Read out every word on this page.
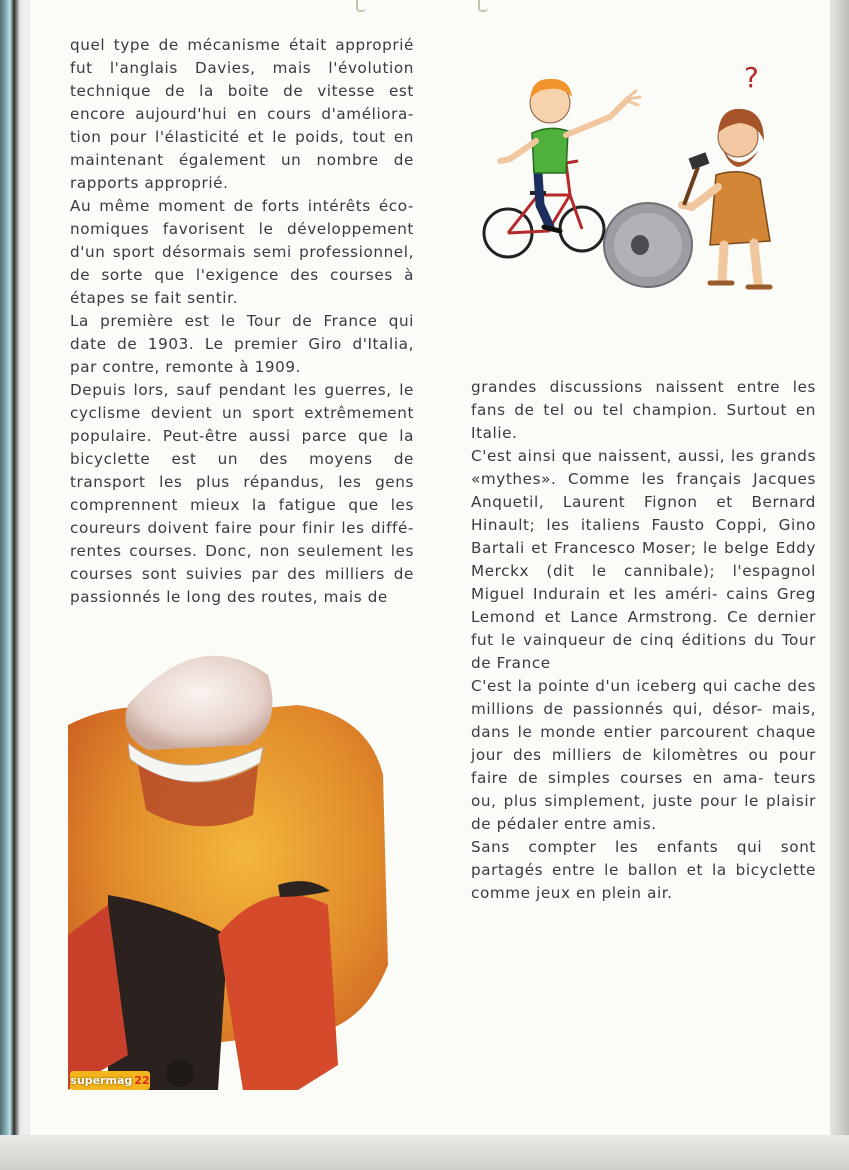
quel type de mécanisme était approprié fut l'anglais Davies, mais l'évolution technique de la boite de vitesse est encore aujourd'hui en cours d'améliora- tion pour l'élasticité et le poids, tout en maintenant également un nombre de rapports approprié.

Au même moment de forts intérêts éco- nomiques favorisent le développement d'un sport désormais semi professionnel, de sorte que l'exigence des courses à étapes se fait sentir.

La première est le Tour de France qui date de 1903. Le premier Giro d'Italia, par contre, remonte à 1909.

Depuis lors, sauf pendant les guerres, le cyclisme devient un sport extrêmement populaire. Peut-être aussi parce que la bicyclette est un des moyens de transport les plus répandus, les gens comprennent mieux la fatigue que les coureurs doivent faire pour finir les diffé- rentes courses. Donc, non seulement les courses sont suivies par des milliers de passionnés le long des routes, mais de

grandes discussions naissent entre les fans de tel ou tel champion. Surtout en Italie.

C'est ainsi que naissent, aussi, les grands «mythes». Comme les français Jacques Anquetil, Laurent Fignon et Bernard Hinault; les italiens Fausto Coppi, Gino Bartali et Francesco Moser; le belge Eddy Merckx (dit le cannibale); l'espagnol Miguel Indurain et les améri- cains Greg Lemond et Lance Armstrong. Ce dernier fut le vainqueur de cinq éditions du Tour de France

C'est la pointe d'un iceberg qui cache des millions de passionnés qui, désor- mais, dans le monde entier parcourent chaque jour des milliers de kilomètres ou pour faire de simples courses en ama- teurs ou, plus simplement, juste pour le plaisir de pédaler entre amis.

Sans compter les enfants qui sont partagés entre le ballon et la bicyclette comme jeux en plein air.

?
supermag 22
